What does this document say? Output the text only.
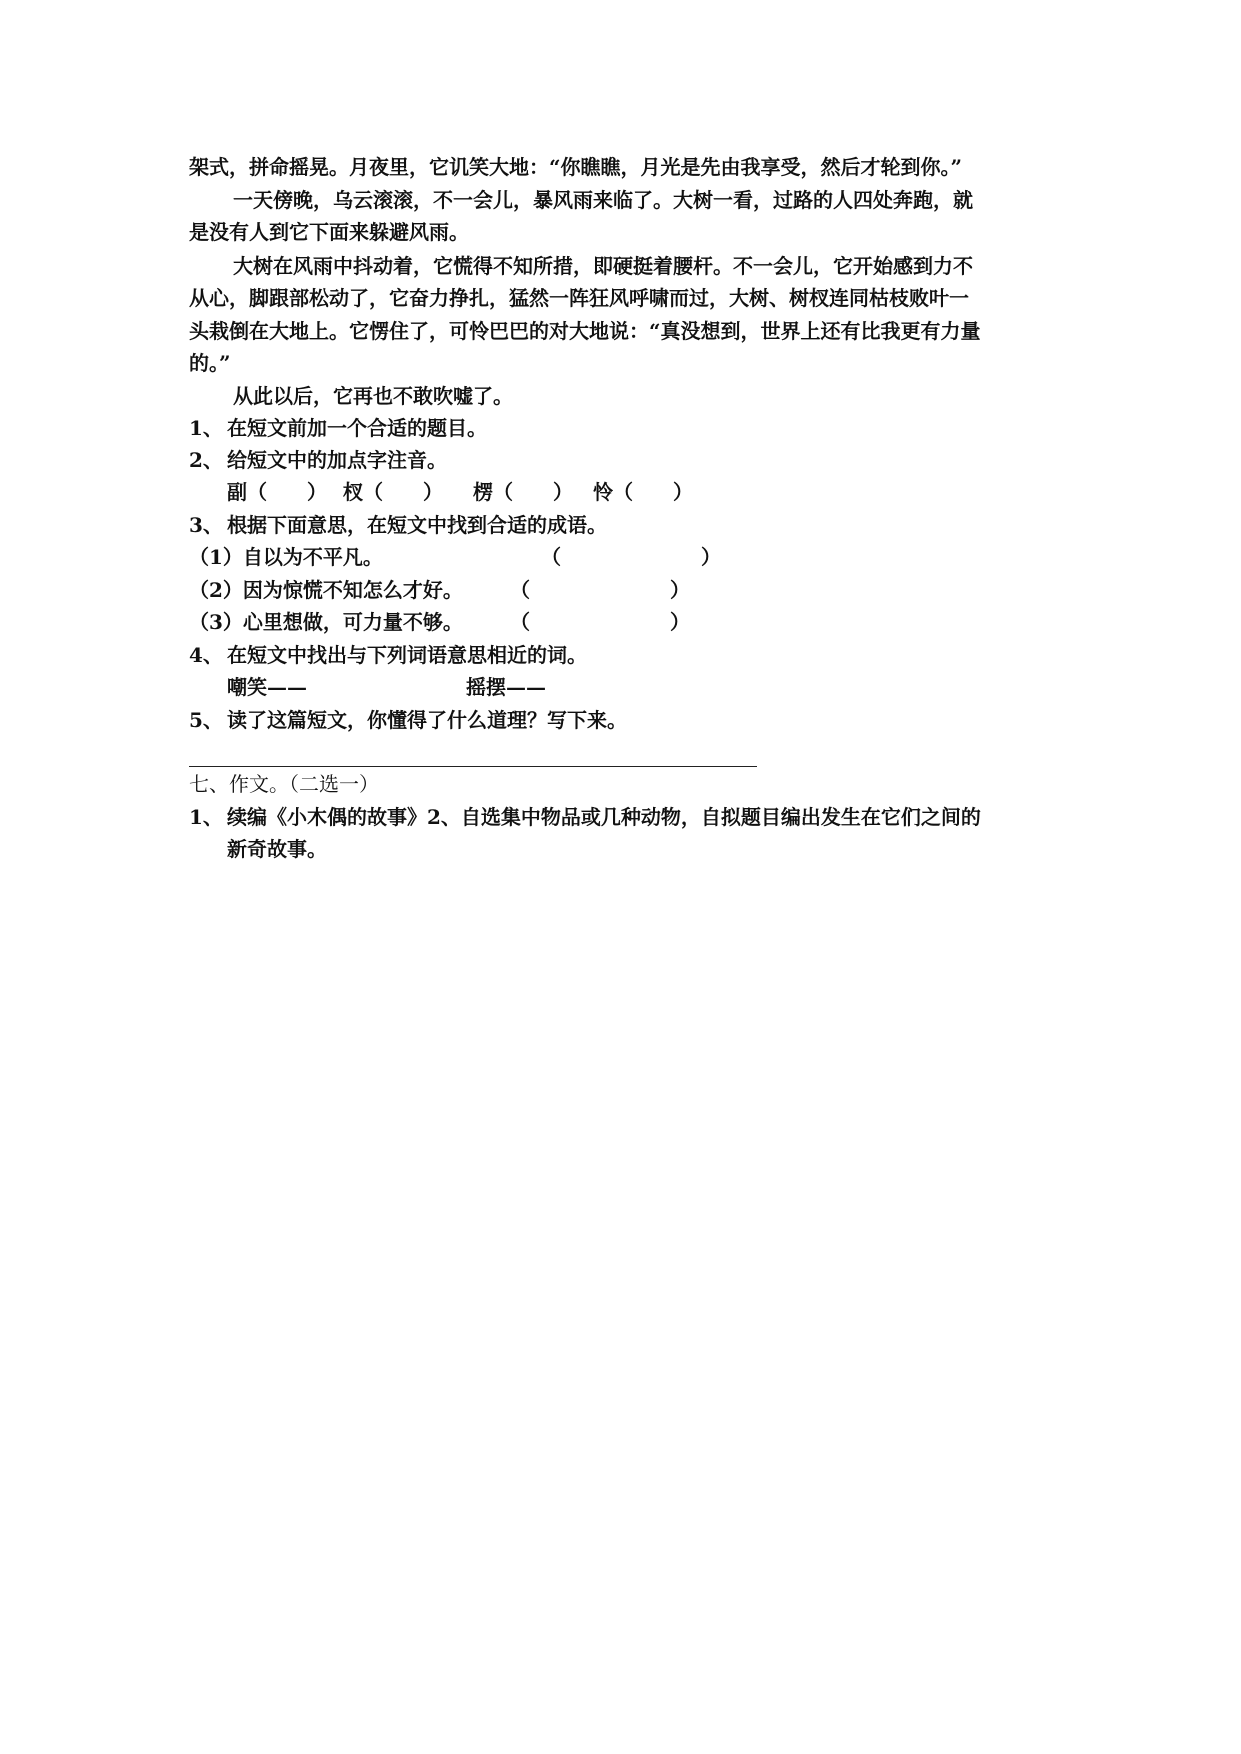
架式，拼命摇晃。月夜里，它讥笑大地：“你瞧瞧，月光是先由我享受，然后才轮到你。”
一天傍晚，乌云滚滚，不一会儿，暴风雨来临了。大树一看，过路的人四处奔跑，就
是没有人到它下面来躲避风雨。
大树在风雨中抖动着，它慌得不知所措，即硬挺着腰杆。不一会儿，它开始感到力不
从心，脚跟部松动了，它奋力挣扎，猛然一阵狂风呼啸而过，大树、树杈连同枯枝败叶一
头栽倒在大地上。它愣住了，可怜巴巴的对大地说：“真没想到，世界上还有比我更有力量
的。”
从此以后，它再也不敢吹嘘了。
1、 在短文前加一个合适的题目。
2、 给短文中的加点字注音。
副（　　） 杈（　　） 楞（　　） 怜（　　）
3、 根据下面意思，在短文中找到合适的成语。
（1）自以为不平凡。	（　　　　　　　）
（2）因为惊慌不知怎么才好。 （　　　　　　　）
（3）心里想做，可力量不够。 （　　　　　　　）
4、 在短文中找出与下列词语意思相近的词。
嘲笑——	摇摆——
5、 读了这篇短文，你懂得了什么道理？写下来。
七、作文。（二选一）
1、 续编《小木偶的故事》2、自选集中物品或几种动物，自拟题目编出发生在它们之间的
新奇故事。
